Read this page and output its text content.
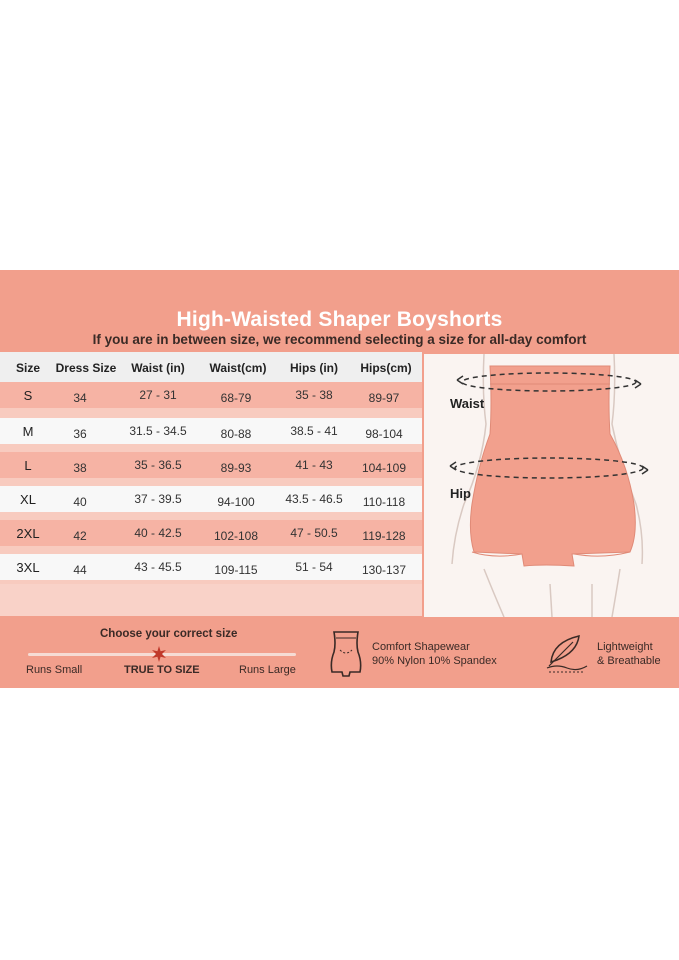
High-Waisted Shaper Boyshorts
If you are in between size, we recommend selecting a size for all-day comfort
Size	Dress Size	Waist (in)	Waist(cm)	Hips (in)	Hips(cm)
S	34	27 - 31	68-79	35 - 38	89-97
M	36	31.5 - 34.5	80-88	38.5 - 41	98-104
L	38	35 - 36.5	89-93	41 - 43	104-109
XL	40	37 - 39.5	94-100	43.5 - 46.5	110-118
2XL	42	40 - 42.5	102-108	47 - 50.5	119-128
3XL	44	43 - 45.5	109-115	51 - 54	130-137
Waist
Hip
Choose your correct size
Runs Small	TRUE TO SIZE	Runs Large
Comfort Shapewear
90% Nylon 10% Spandex
Lightweight
& Breathable
